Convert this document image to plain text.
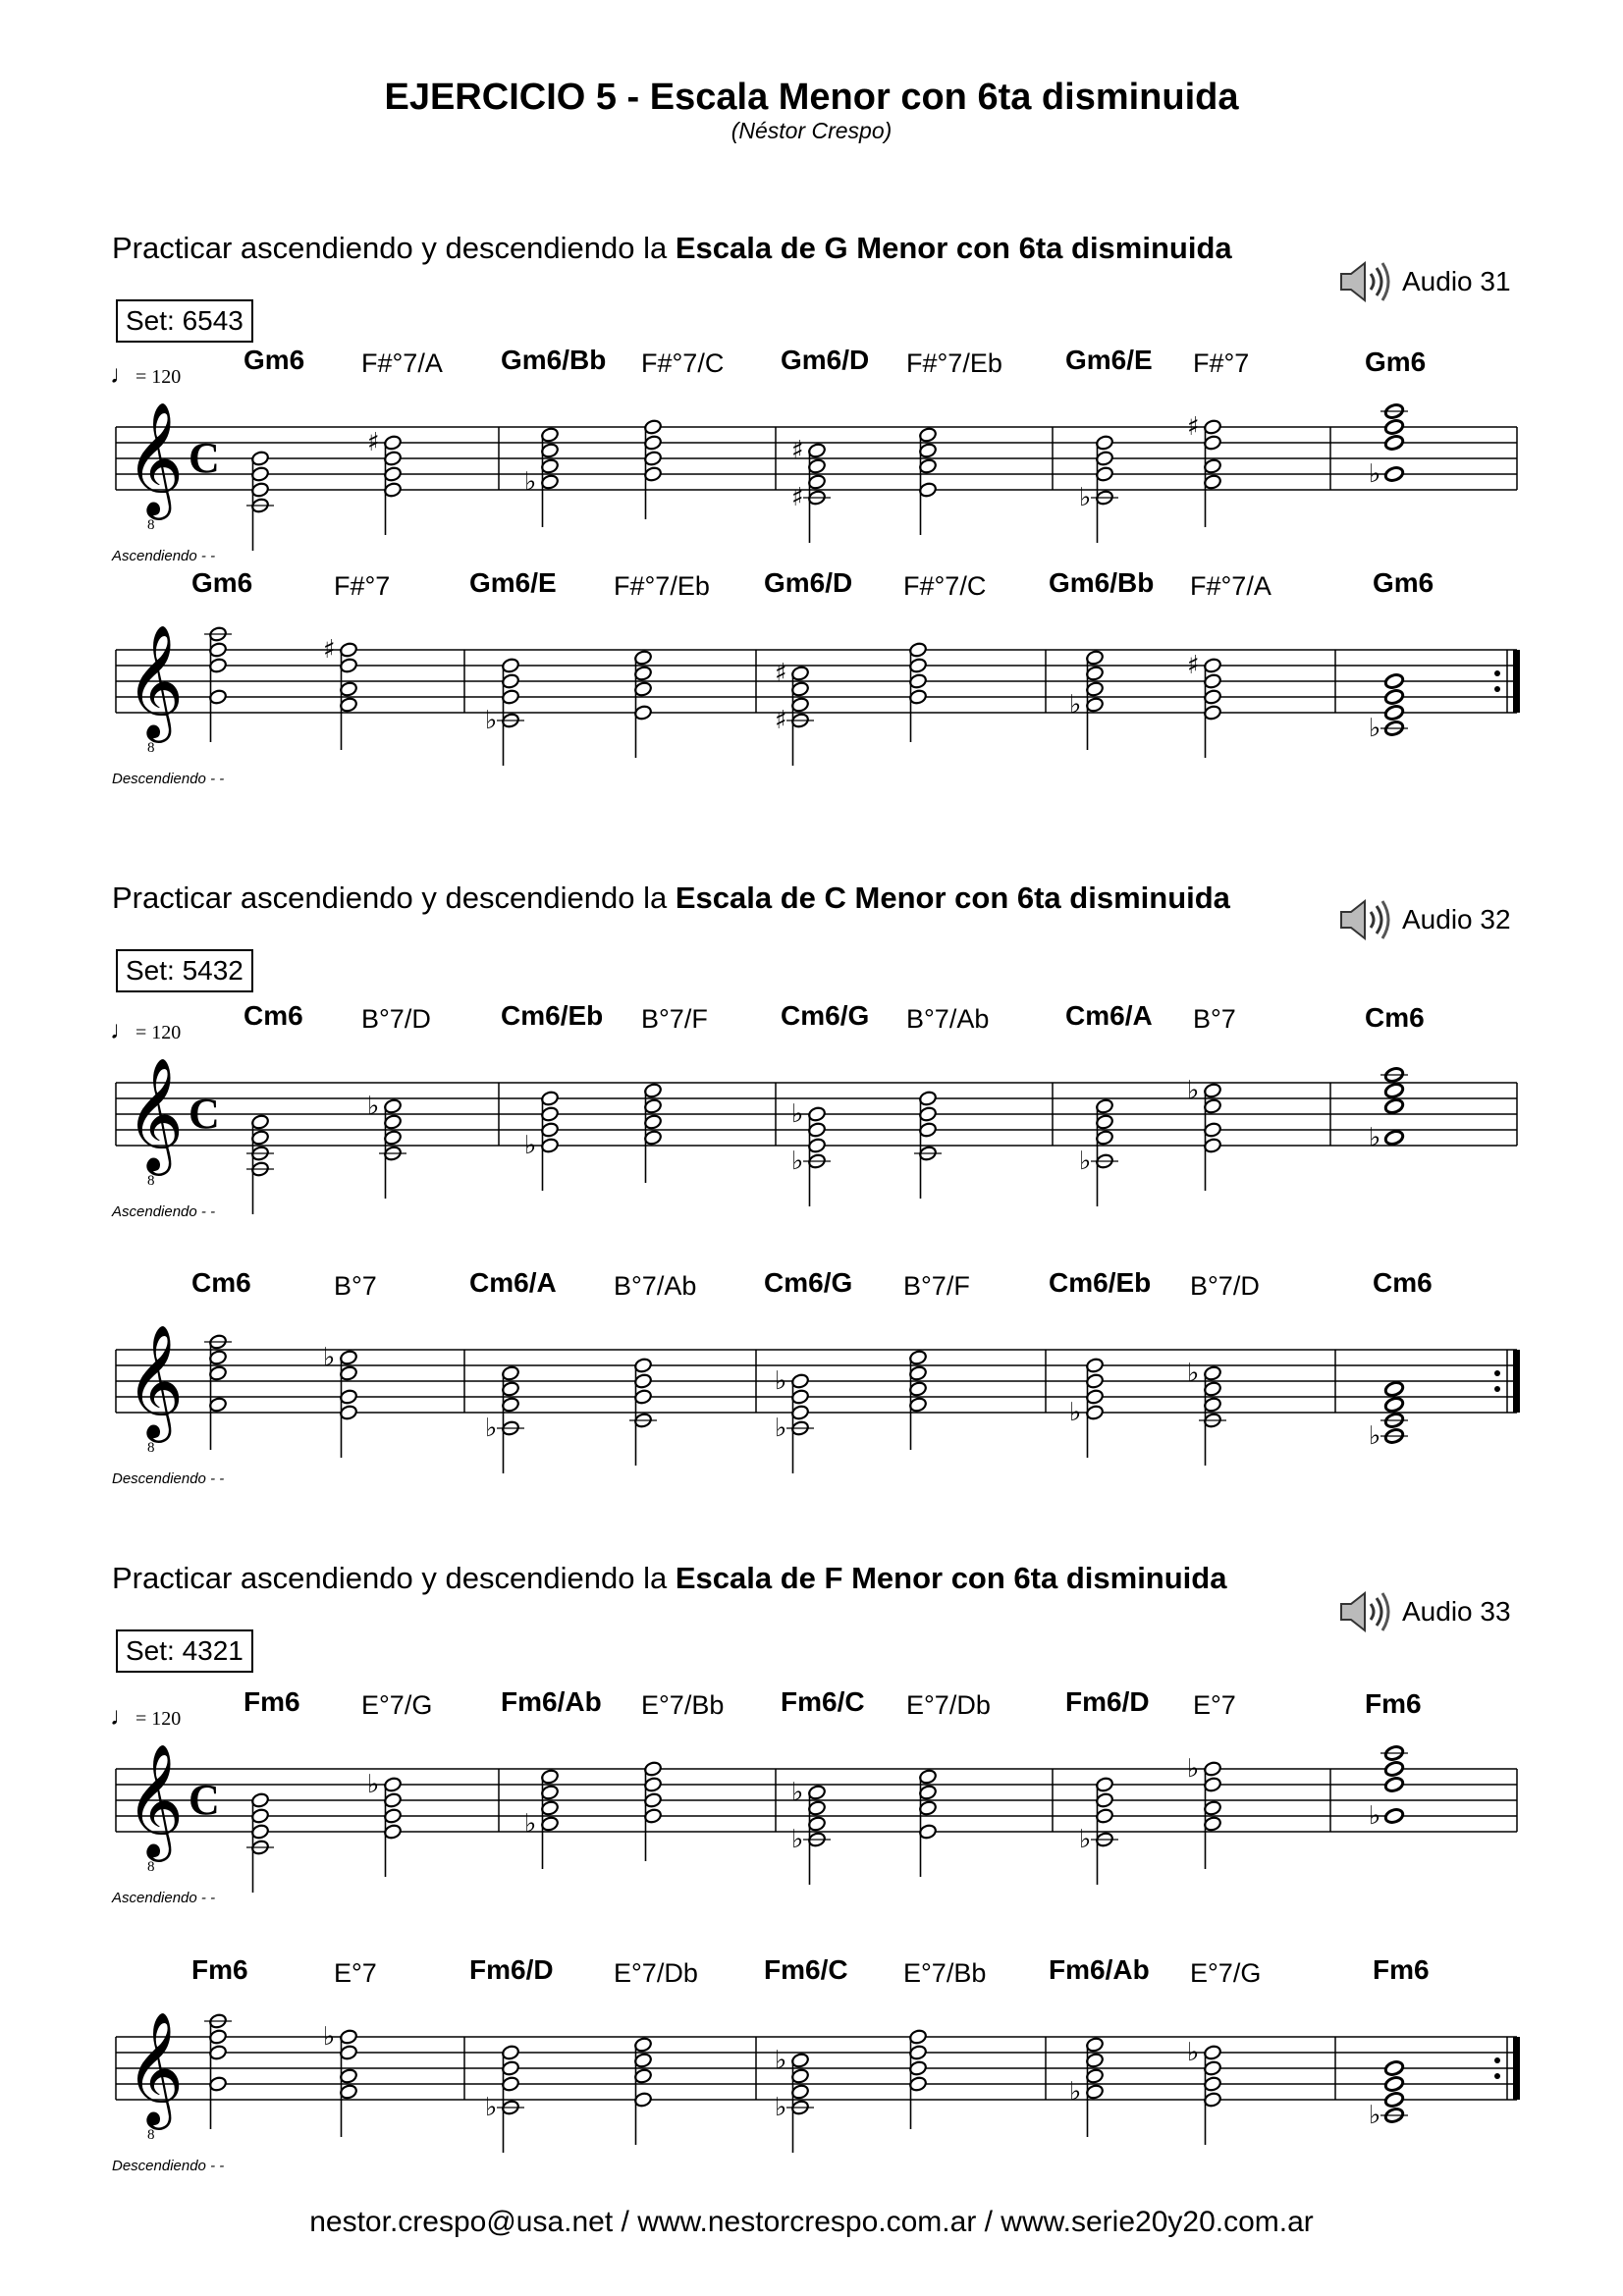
EJERCICIO 5 - Escala Menor con 6ta disminuida
(Néstor Crespo)
Practicar ascendiendo y descendiendo la Escala de G Menor con 6ta disminuida
Audio 31
Set: 6543
♩= 120
Gm6 F#°7/A Gm6/Bb F#°7/C Gm6/D F#°7/Eb Gm6/E F#°7	Gm6
𝄞
8
C	♯
♭
♯
♯	♭
♯
♭
Ascendiendo - -
Gm6	F#°7	Gm6/E F#°7/Eb Gm6/D F#°7/C Gm6/Bb F#°7/A	Gm6
𝄞
8
♯
♭
♯
♯
♭
♯
♭
Descendiendo - -
Practicar ascendiendo y descendiendo la Escala de C Menor con 6ta disminuida
Audio 32
Set: 5432
♩= 120
Cm6 B°7/D	Cm6/Eb B°7/F	Cm6/G B°7/Ab	Cm6/A B°7	Cm6
𝄞
8
C	♭
♭
♭
♭	♭
♭
♭
Ascendiendo - -
Cm6	B°7	Cm6/A B°7/Ab Cm6/G B°7/F	Cm6/Eb B°7/D	Cm6
𝄞
8
♭
♭
♭
♭
♭
♭
♭
Descendiendo - -
Practicar ascendiendo y descendiendo la Escala de F Menor con 6ta disminuida
Audio 33
Set: 4321
♩= 120
Fm6 E°7/G Fm6/Ab E°7/Bb Fm6/C E°7/Db	Fm6/D E°7	Fm6
𝄞
8
C	♭
♭
♭
♭	♭
♭
♭
Ascendiendo - -
Fm6	E°7	Fm6/D E°7/Db Fm6/C E°7/Bb Fm6/Ab E°7/G	Fm6
𝄞
8
♭
♭
♭
♭
♭
♭
♭
Descendiendo - -
nestor.crespo@usa.net / www.nestorcrespo.com.ar / www.serie20y20.com.ar
